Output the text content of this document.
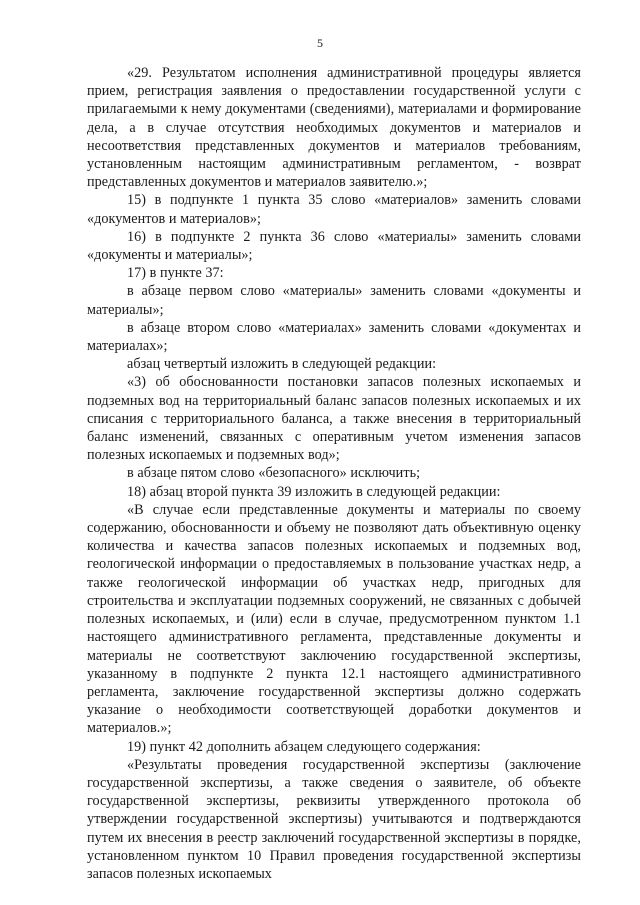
5

«29. Результатом исполнения административной процедуры является прием, регистрация заявления о предоставлении государственной услуги с прилагаемыми к нему документами (сведениями), материалами и формирование дела, а в случае отсутствия необходимых документов и материалов и несоответствия представленных документов и материалов требованиям, установленным настоящим административным регламентом, - возврат представленных документов и материалов заявителю.»;

15) в подпункте 1 пункта 35 слово «материалов» заменить словами «документов и материалов»;

16) в подпункте 2 пункта 36 слово «материалы» заменить словами «документы и материалы»;

17) в пункте 37:

в абзаце первом слово «материалы» заменить словами «документы и материалы»;

в абзаце втором слово «материалах» заменить словами «документах и материалах»;

абзац четвертый изложить в следующей редакции:

«3) об обоснованности постановки запасов полезных ископаемых и подземных вод на территориальный баланс запасов полезных ископаемых и их списания с территориального баланса, а также внесения в территориальный баланс изменений, связанных с оперативным учетом изменения запасов полезных ископаемых и подземных вод»;

в абзаце пятом слово «безопасного» исключить;

18) абзац второй пункта 39 изложить в следующей редакции:

«В случае если представленные документы и материалы по своему содержанию, обоснованности и объему не позволяют дать объективную оценку количества и качества запасов полезных ископаемых и подземных вод, геологической информации о предоставляемых в пользование участках недр, а также геологической информации об участках недр, пригодных для строительства и эксплуатации подземных сооружений, не связанных с добычей полезных ископаемых, и (или) если в случае, предусмотренном пунктом 1.1 настоящего административного регламента, представленные документы и материалы не соответствуют заключению государственной экспертизы, указанному в подпункте 2 пункта 12.1 настоящего административного регламента, заключение государственной экспертизы должно содержать указание о необходимости соответствующей доработки документов и материалов.»;

19) пункт 42 дополнить абзацем следующего содержания:

«Результаты проведения государственной экспертизы (заключение государственной экспертизы, а также сведения о заявителе, об объекте государственной экспертизы, реквизиты утвержденного протокола об утверждении государственной экспертизы) учитываются и подтверждаются путем их внесения в реестр заключений государственной экспертизы в порядке, установленном пунктом 10 Правил проведения государственной экспертизы запасов полезных ископаемых
